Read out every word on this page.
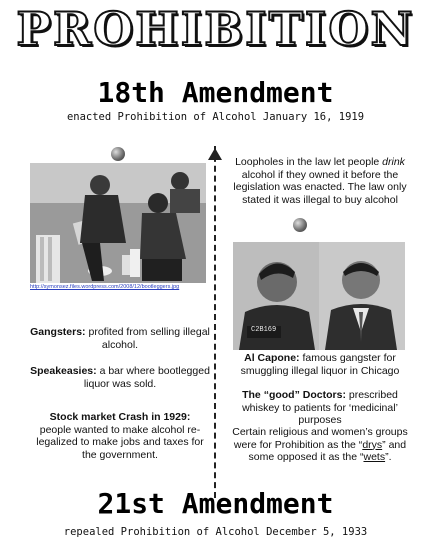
PROHIBITION
18th Amendment
enacted Prohibition of Alcohol January 16, 1919
http://symonsez.files.wordpress.com/2008/12/bootleggers.jpg
Gangsters: profited from selling illegal alcohol.
Speakeasies: a bar where bootlegged liquor was sold.
Stock market Crash in 1929:
people wanted to make alcohol re-legalized to make jobs and taxes for the government.
Loopholes in the law let people drink alcohol if they owned it before the legislation was enacted. The law only stated it was illegal to buy alcohol
C2B169
Al Capone: famous gangster for smuggling illegal liquor in Chicago
The “good” Doctors: prescribed whiskey to patients for ‘medicinal’ purposes
Certain religious and women’s groups were for Prohibition as the “drys” and some opposed it as the “wets”.
21st Amendment
repealed Prohibition of Alcohol December 5, 1933
